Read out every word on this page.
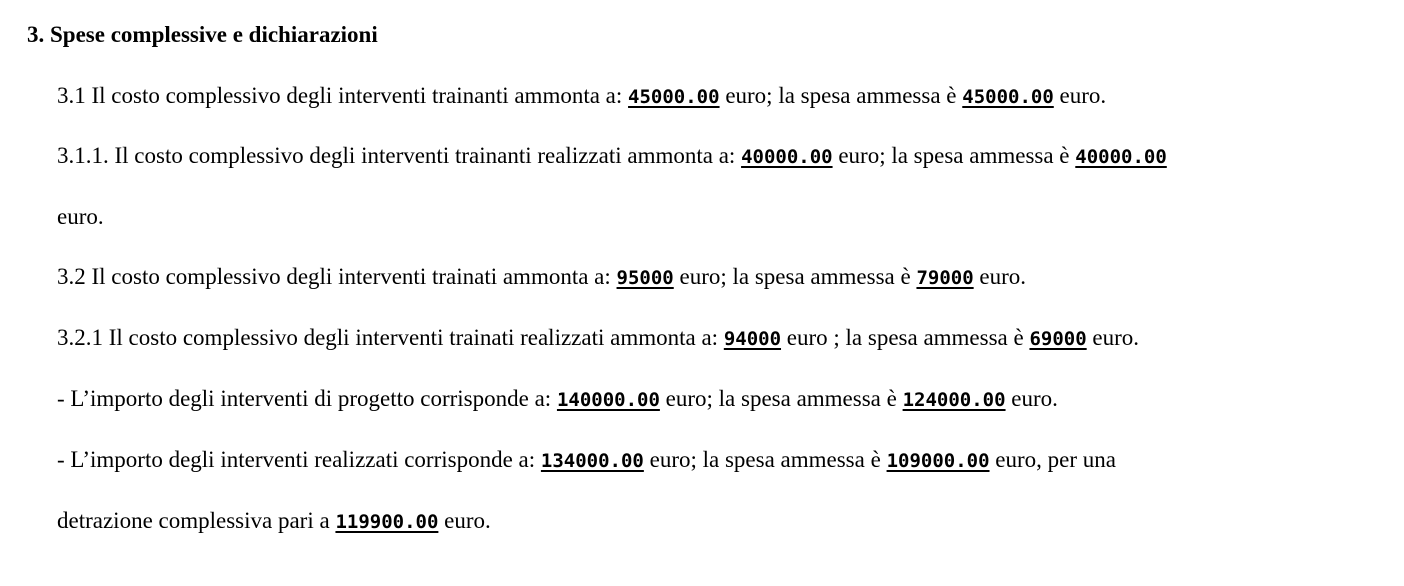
3. Spese complessive e dichiarazioni
3.1 Il costo complessivo degli interventi trainanti ammonta a: 45000.00 euro; la spesa ammessa è 45000.00 euro.
3.1.1. Il costo complessivo degli interventi trainanti realizzati ammonta a: 40000.00 euro; la spesa ammessa è 40000.00
euro.
3.2 Il costo complessivo degli interventi trainati ammonta a: 95000 euro; la spesa ammessa è 79000 euro.
3.2.1 Il costo complessivo degli interventi trainati realizzati ammonta a: 94000 euro ; la spesa ammessa è 69000 euro.
- L’importo degli interventi di progetto corrisponde a: 140000.00 euro; la spesa ammessa è 124000.00 euro.
- L’importo degli interventi realizzati corrisponde a: 134000.00 euro; la spesa ammessa è 109000.00 euro, per una
detrazione complessiva pari a 119900.00 euro.
